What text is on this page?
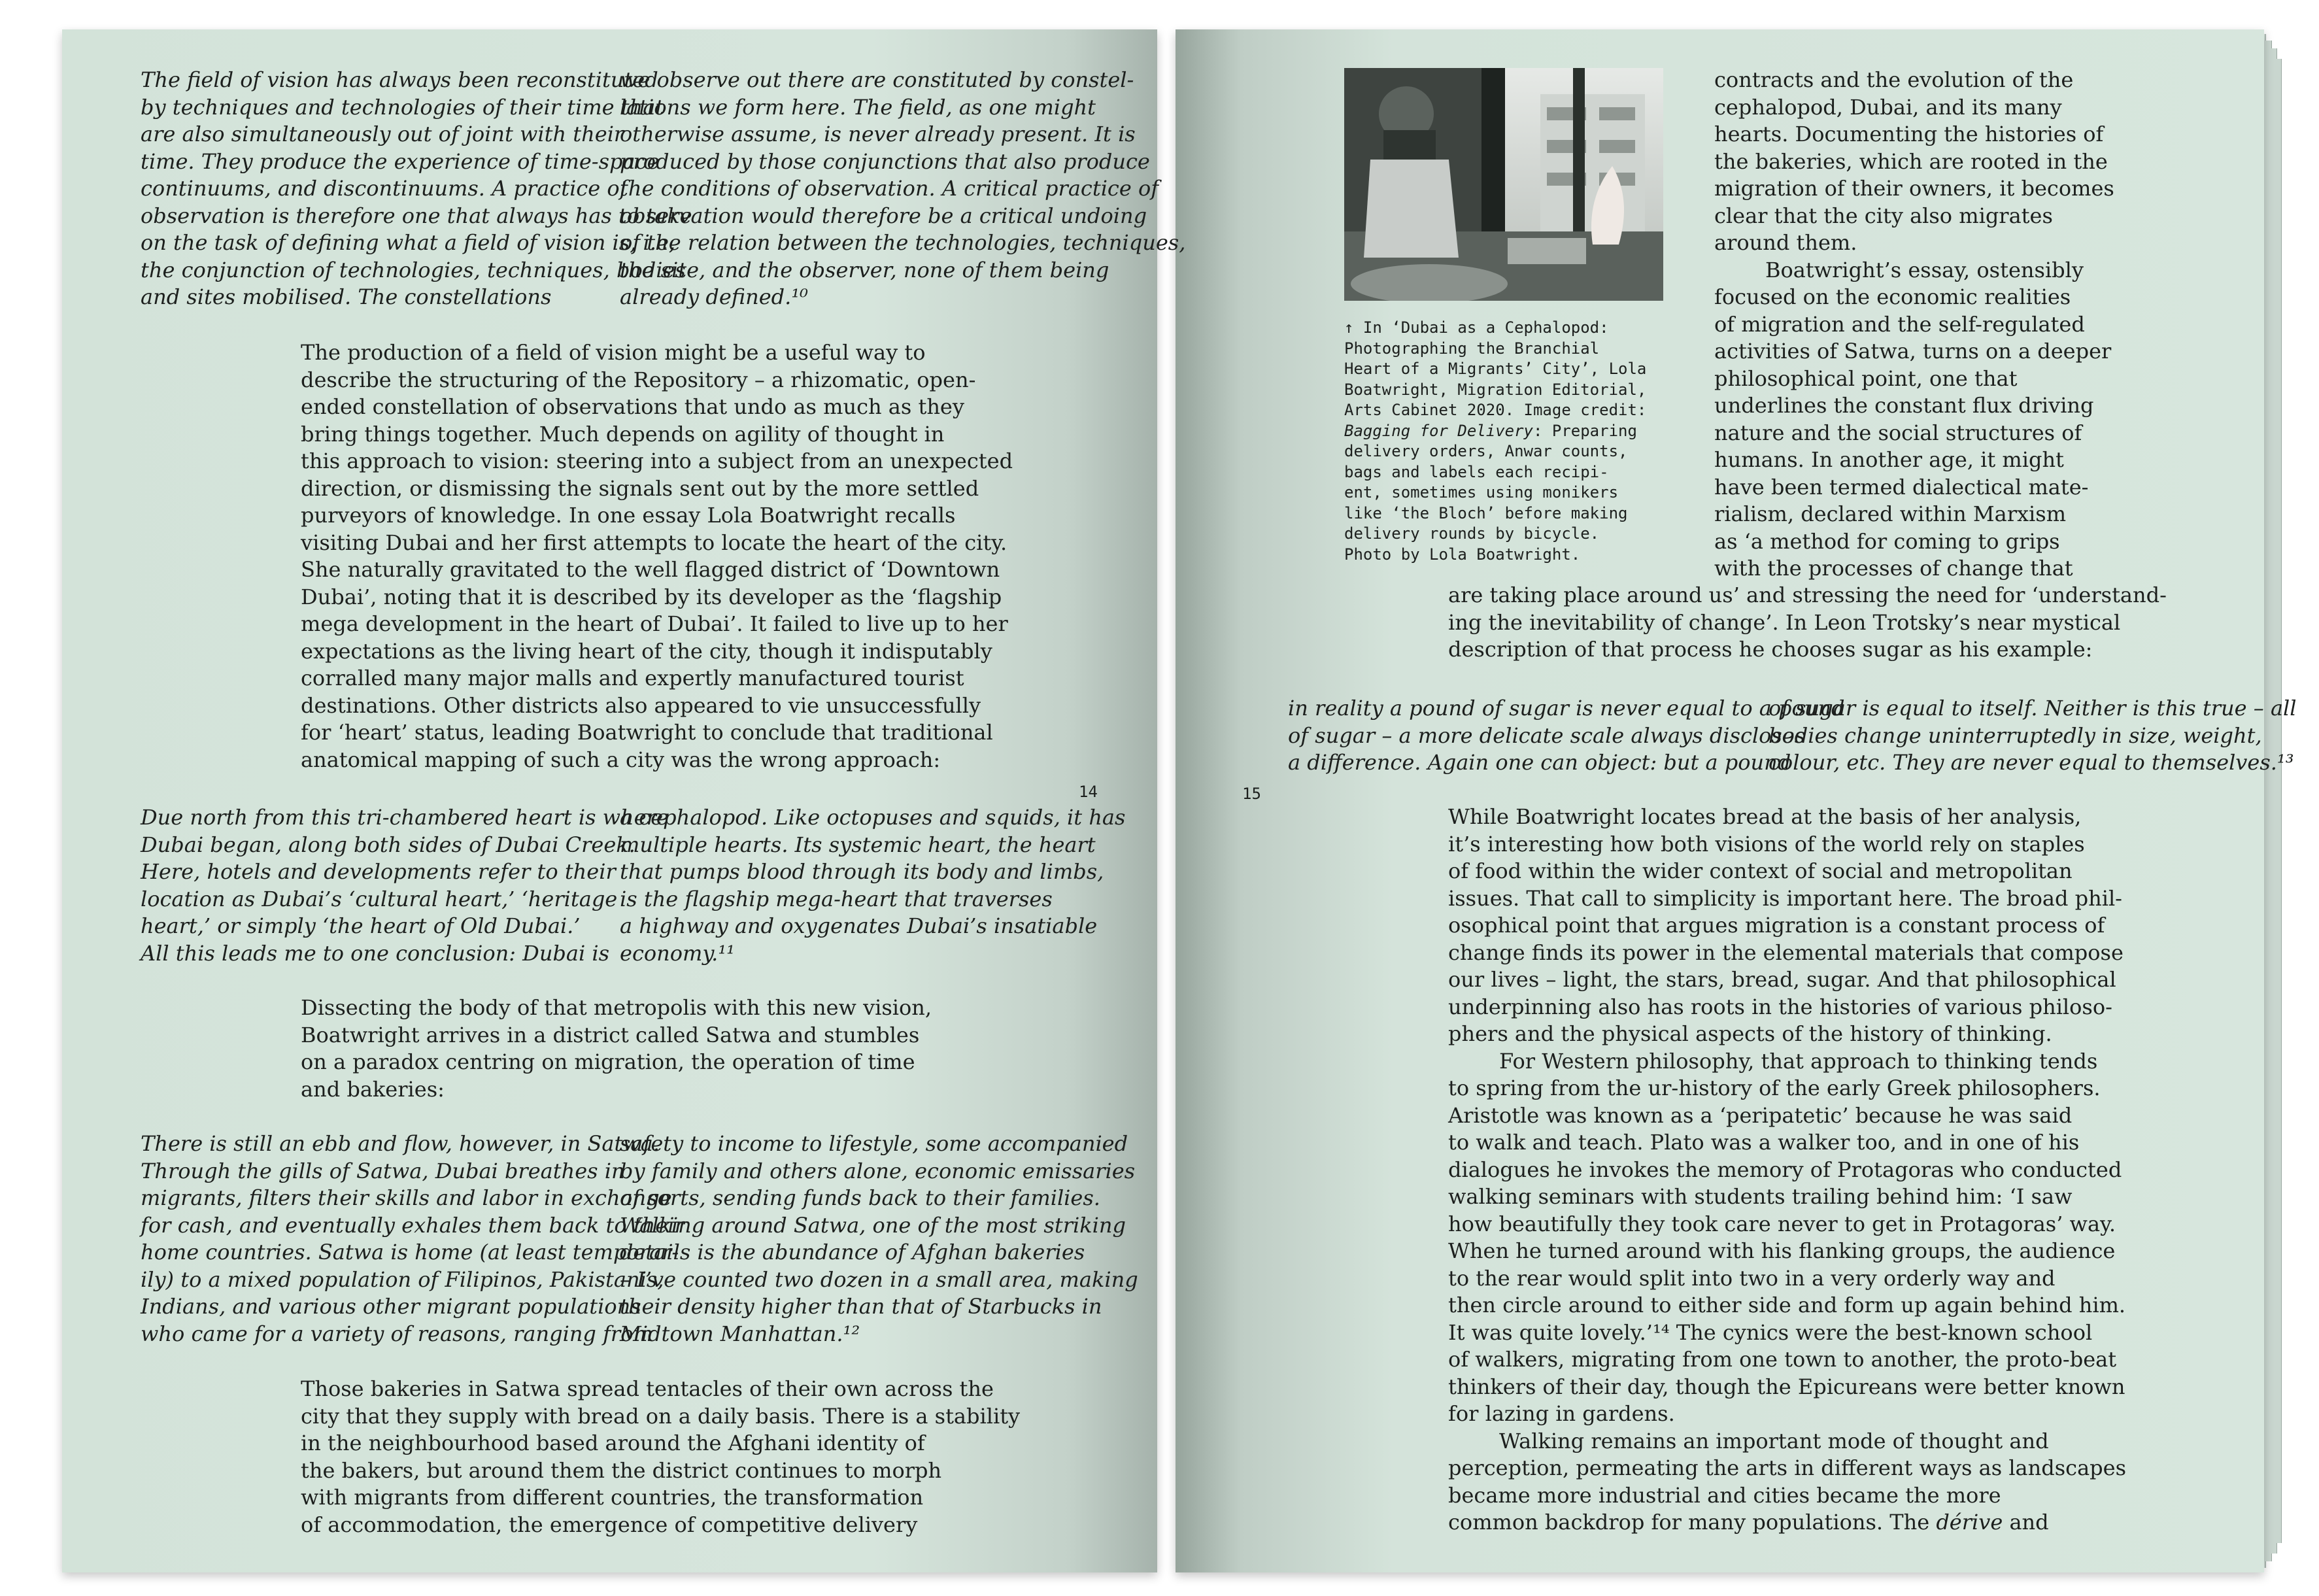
The field of vision has always been reconstituted
by techniques and technologies of their time that
are also simultaneously out of joint with their
time. They produce the experience of time-space
continuums, and discontinuums. A practice of
observation is therefore one that always has to take
on the task of defining what a field of vision is, i.e,
the conjunction of technologies, techniques, bodies
and sites mobilised. The constellations
we observe out there are constituted by constel-
lations we form here. The field, as one might
otherwise assume, is never already present. It is
produced by those conjunctions that also produce
the conditions of observation. A critical practice of
observation would therefore be a critical undoing
of the relation between the technologies, techniques,
the site, and the observer, none of them being
already defined.¹⁰
The production of a field of vision might be a useful way to
describe the structuring of the Repository – a rhizomatic, open-
ended constellation of observations that undo as much as they
bring things together. Much depends on agility of thought in
this approach to vision: steering into a subject from an unexpected
direction, or dismissing the signals sent out by the more settled
purveyors of knowledge. In one essay Lola Boatwright recalls
visiting Dubai and her first attempts to locate the heart of the city.
She naturally gravitated to the well flagged district of ‘Downtown
Dubai’, noting that it is described by its developer as the ‘flagship
mega development in the heart of Dubai’. It failed to live up to her
expectations as the living heart of the city, though it indisputably
corralled many major malls and expertly manufactured tourist
destinations. Other districts also appeared to vie unsuccessfully
for ‘heart’ status, leading Boatwright to conclude that traditional
anatomical mapping of such a city was the wrong approach:
14
Due north from this tri-chambered heart is where
Dubai began, along both sides of Dubai Creek.
Here, hotels and developments refer to their
location as Dubai’s ‘cultural heart,’ ‘heritage
heart,’ or simply ‘the heart of Old Dubai.’
All this leads me to one conclusion: Dubai is
a cephalopod. Like octopuses and squids, it has
multiple hearts. Its systemic heart, the heart
that pumps blood through its body and limbs,
is the flagship mega-heart that traverses
a highway and oxygenates Dubai’s insatiable
economy.¹¹
Dissecting the body of that metropolis with this new vision,
Boatwright arrives in a district called Satwa and stumbles
on a paradox centring on migration, the operation of time
and bakeries:
There is still an ebb and flow, however, in Satwa.
Through the gills of Satwa, Dubai breathes in
migrants, filters their skills and labor in exchange
for cash, and eventually exhales them back to their
home countries. Satwa is home (at least temporar-
ily) to a mixed population of Filipinos, Pakistanis,
Indians, and various other migrant populations
who came for a variety of reasons, ranging from
safety to income to lifestyle, some accompanied
by family and others alone, economic emissaries
of sorts, sending funds back to their families.
Walking around Satwa, one of the most striking
details is the abundance of Afghan bakeries
– I’ve counted two dozen in a small area, making
their density higher than that of Starbucks in
Midtown Manhattan.¹²
Those bakeries in Satwa spread tentacles of their own across the
city that they supply with bread on a daily basis. There is a stability
in the neighbourhood based around the Afghani identity of
the bakers, but around them the district continues to morph
with migrants from different countries, the transformation
of accommodation, the emergence of competitive delivery
↑ In ‘Dubai as a Cephalopod:
Photographing the Branchial
Heart of a Migrants’ City’, Lola
Boatwright, Migration Editorial,
Arts Cabinet 2020. Image credit:
Bagging for Delivery: Preparing
delivery orders, Anwar counts,
bags and labels each recipi-
ent, sometimes using monikers
like ‘the Bloch’ before making
delivery rounds by bicycle.
Photo by Lola Boatwright.
contracts and the evolution of the
cephalopod, Dubai, and its many
hearts. Documenting the histories of
the bakeries, which are rooted in the
migration of their owners, it becomes
clear that the city also migrates
around them.
Boatwright’s essay, ostensibly
focused on the economic realities
of migration and the self-regulated
activities of Satwa, turns on a deeper
philosophical point, one that
underlines the constant flux driving
nature and the social structures of
humans. In another age, it might
have been termed dialectical mate-
rialism, declared within Marxism
as ‘a method for coming to grips
with the processes of change that
are taking place around us’ and stressing the need for ‘understand-
ing the inevitability of change’. In Leon Trotsky’s near mystical
description of that process he chooses sugar as his example:
15
in reality a pound of sugar is never equal to a pound
of sugar – a more delicate scale always discloses
a difference. Again one can object: but a pound
of sugar is equal to itself. Neither is this true – all
bodies change uninterruptedly in size, weight,
colour, etc. They are never equal to themselves.¹³
While Boatwright locates bread at the basis of her analysis,
it’s interesting how both visions of the world rely on staples
of food within the wider context of social and metropolitan
issues. That call to simplicity is important here. The broad phil-
osophical point that argues migration is a constant process of
change finds its power in the elemental materials that compose
our lives – light, the stars, bread, sugar. And that philosophical
underpinning also has roots in the histories of various philoso-
phers and the physical aspects of the history of thinking.
For Western philosophy, that approach to thinking tends
to spring from the ur-history of the early Greek philosophers.
Aristotle was known as a ‘peripatetic’ because he was said
to walk and teach. Plato was a walker too, and in one of his
dialogues he invokes the memory of Protagoras who conducted
walking seminars with students trailing behind him: ‘I saw
how beautifully they took care never to get in Protagoras’ way.
When he turned around with his flanking groups, the audience
to the rear would split into two in a very orderly way and
then circle around to either side and form up again behind him.
It was quite lovely.’¹⁴ The cynics were the best-known school
of walkers, migrating from one town to another, the proto-beat
thinkers of their day, though the Epicureans were better known
for lazing in gardens.
Walking remains an important mode of thought and
perception, permeating the arts in different ways as landscapes
became more industrial and cities became the more
common backdrop for many populations. The dérive and
